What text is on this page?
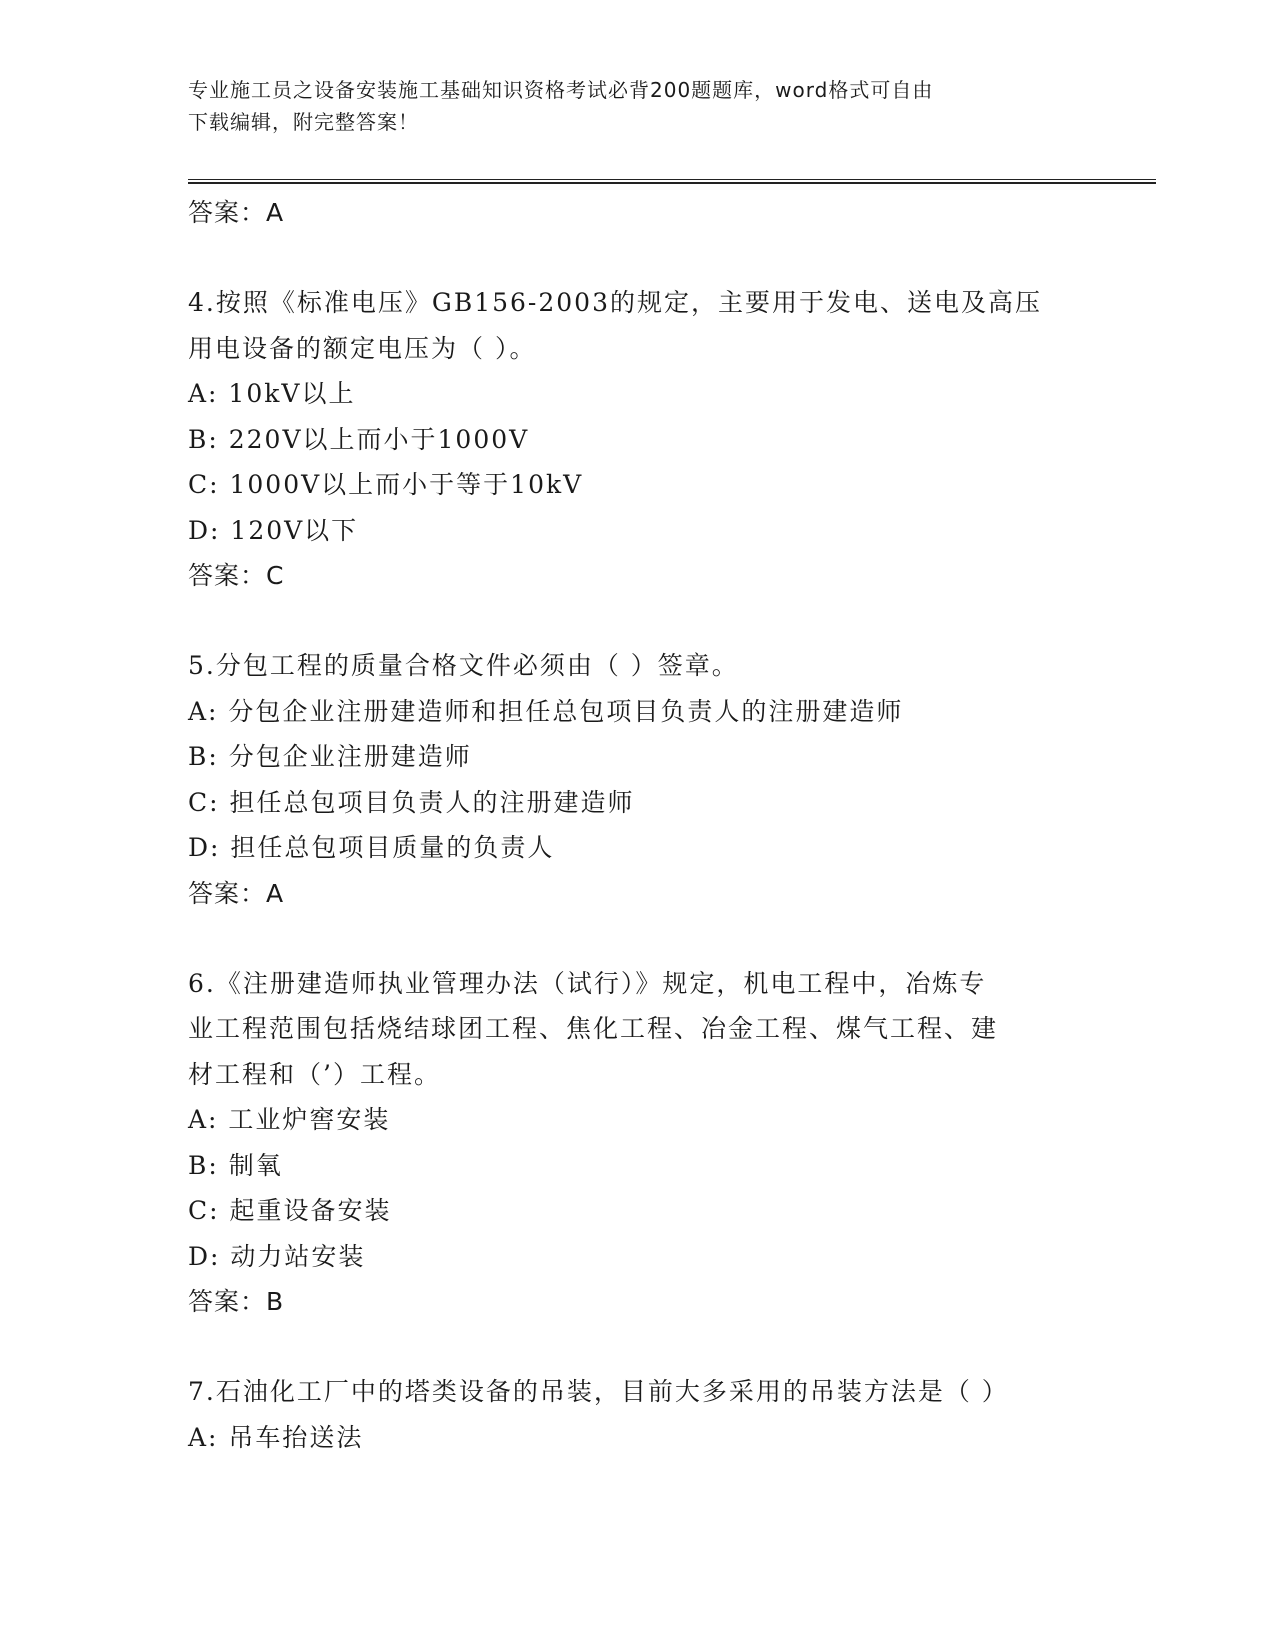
专业施工员之设备安装施工基础知识资格考试必背200题题库，word格式可自由
下载编辑，附完整答案！
答案：A
4.按照《标准电压》GB156-2003的规定，主要用于发电、送电及高压
用电设备的额定电压为（ ）。
A: 10kV以上
B: 220V以上而小于1000V
C: 1000V以上而小于等于10kV
D: 120V以下
答案：C
5.分包工程的质量合格文件必须由（ ）签章。
A: 分包企业注册建造师和担任总包项目负责人的注册建造师
B: 分包企业注册建造师
C: 担任总包项目负责人的注册建造师
D: 担任总包项目质量的负责人
答案：A
6.《注册建造师执业管理办法（试行）》规定，机电工程中，冶炼专
业工程范围包括烧结球团工程、焦化工程、冶金工程、煤气工程、建
材工程和（’）工程。
A: 工业炉窖安装
B: 制氧
C: 起重设备安装
D: 动力站安装
答案：B
7.石油化工厂中的塔类设备的吊装，目前大多采用的吊装方法是（ ）
A: 吊车抬送法
